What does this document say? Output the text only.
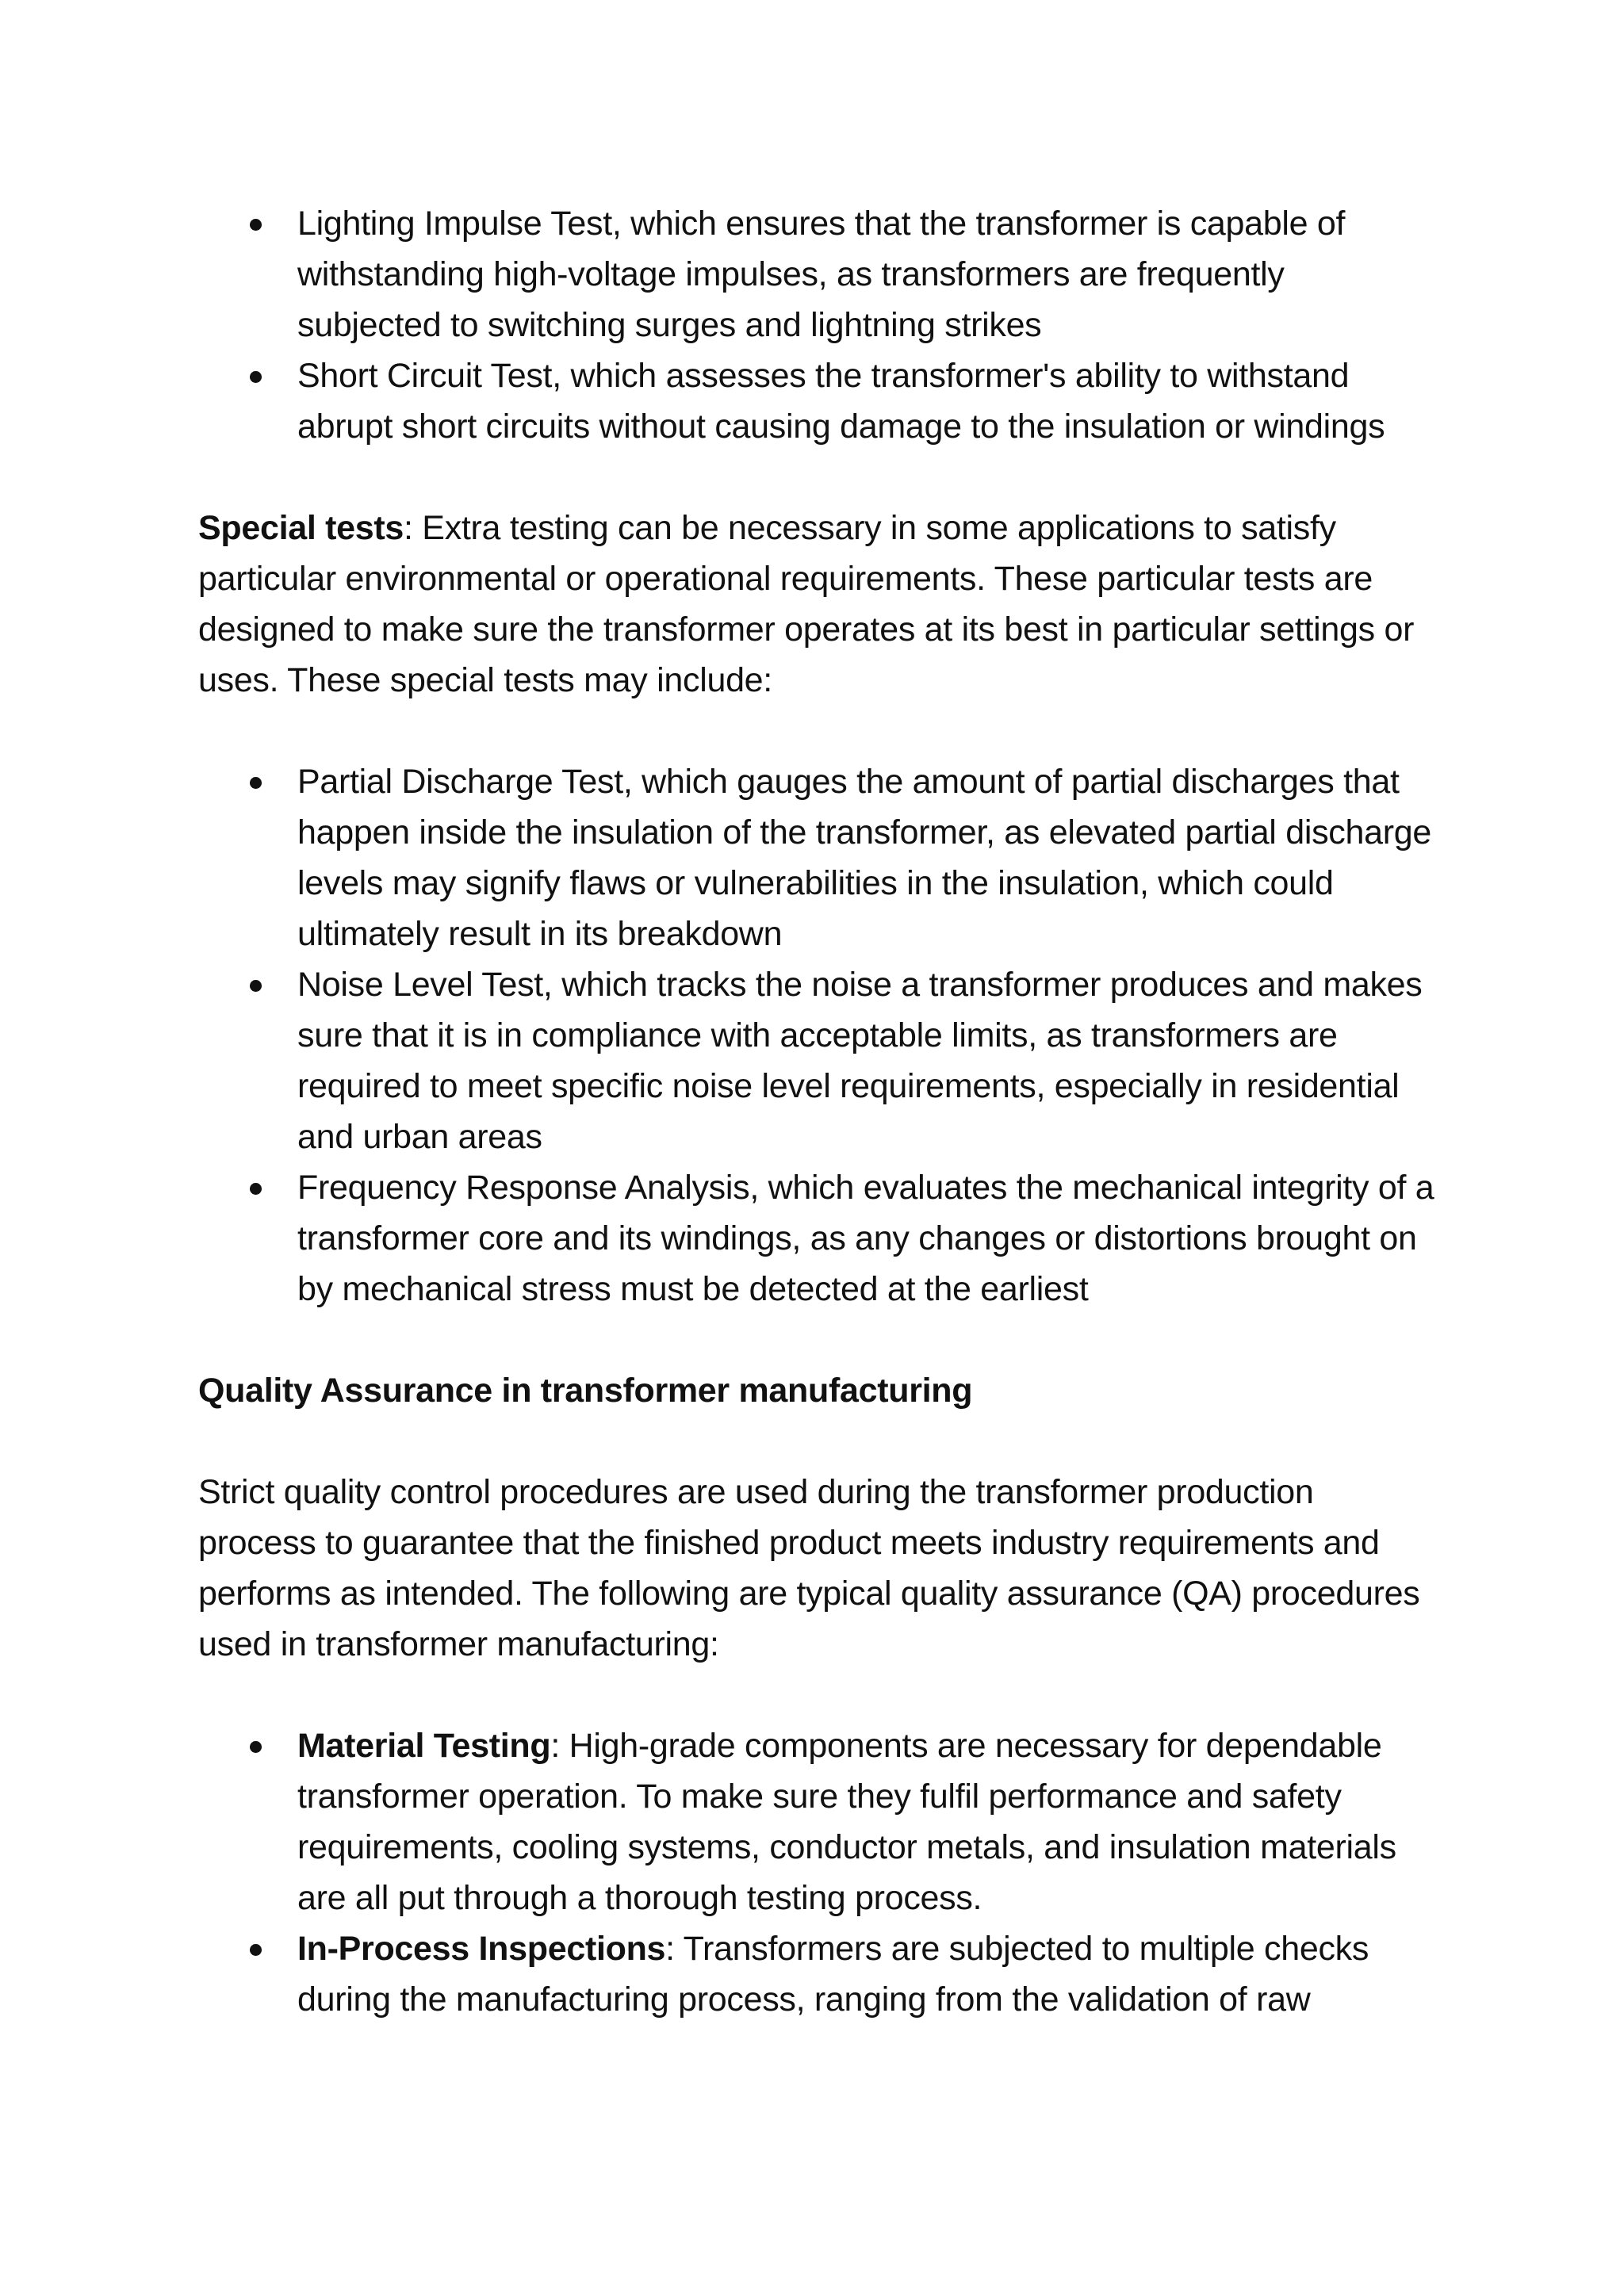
Lighting Impulse Test, which ensures that the transformer is capable of withstanding high-voltage impulses, as transformers are frequently subjected to switching surges and lightning strikes
Short Circuit Test, which assesses the transformer's ability to withstand abrupt short circuits without causing damage to the insulation or windings

Special tests: Extra testing can be necessary in some applications to satisfy particular environmental or operational requirements. These particular tests are designed to make sure the transformer operates at its best in particular settings or uses. These special tests may include:

Partial Discharge Test, which gauges the amount of partial discharges that happen inside the insulation of the transformer, as elevated partial discharge levels may signify flaws or vulnerabilities in the insulation, which could ultimately result in its breakdown
Noise Level Test, which tracks the noise a transformer produces and makes sure that it is in compliance with acceptable limits, as transformers are required to meet specific noise level requirements, especially in residential and urban areas
Frequency Response Analysis, which evaluates the mechanical integrity of a transformer core and its windings, as any changes or distortions brought on by mechanical stress must be detected at the earliest

Quality Assurance in transformer manufacturing

Strict quality control procedures are used during the transformer production process to guarantee that the finished product meets industry requirements and performs as intended. The following are typical quality assurance (QA) procedures used in transformer manufacturing:

Material Testing: High-grade components are necessary for dependable transformer operation. To make sure they fulfil performance and safety requirements, cooling systems, conductor metals, and insulation materials are all put through a thorough testing process.
In-Process Inspections: Transformers are subjected to multiple checks during the manufacturing process, ranging from the validation of raw
